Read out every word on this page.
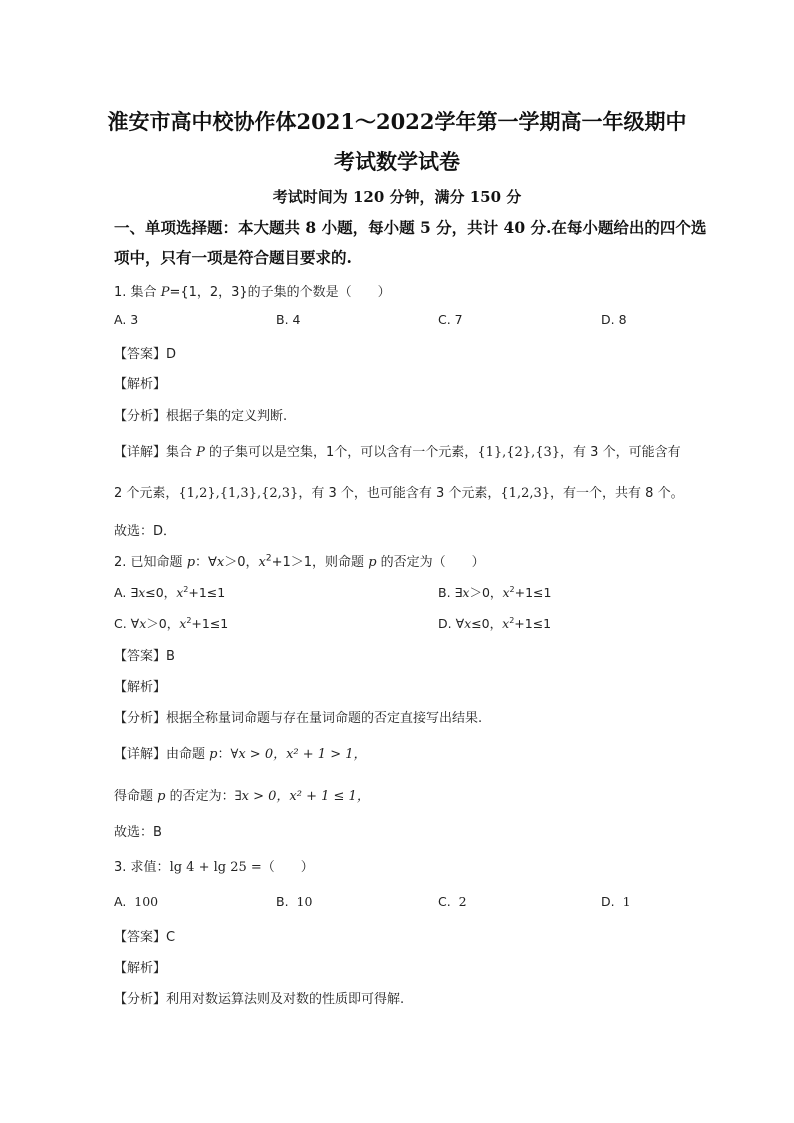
淮安市高中校协作体2021～2022学年第一学期高一年级期中
考试数学试卷
考试时间为 120 分钟，满分 150 分
一、单项选择题：本大题共 8 小题，每小题 5 分，共计 40 分.在每小题给出的四个选
项中，只有一项是符合题目要求的.
1. 集合 P={1，2，3}的子集的个数是（　　）
A. 3	B. 4	C. 7	D. 8
【答案】D
【解析】
【分析】根据子集的定义判断.
【详解】集合 P 的子集可以是空集，1个，可以含有一个元素，{1},{2},{3}，有 3 个，可能含有
2 个元素，{1,2},{1,3},{2,3}，有 3 个，也可能含有 3 个元素，{1,2,3}，有一个，共有 8 个。
故选：D．
2. 已知命题 p：∀x＞0，$x^2+1>1$，则命题 p 的否定为（　　）
A. ∃x≤0，$x^2+1\le 1$	B. ∃x＞0，$x^2+1\le 1$
C. ∀x＞0，$x^2+1\le 1$	D. ∀x≤0，$x^2+1\le 1$
【答案】B
【解析】
【分析】根据全称量词命题与存在量词命题的否定直接写出结果.
【详解】由命题 p：∀x > 0，x² + 1 > 1，
得命题 p 的否定为：∃x > 0，x² + 1 ≤ 1，
故选：B
3. 求值：lg 4 + lg 25 =（　　）
A. 100	B. 10	C. 2	D. 1
【答案】C
【解析】
【分析】利用对数运算法则及对数的性质即可得解.
